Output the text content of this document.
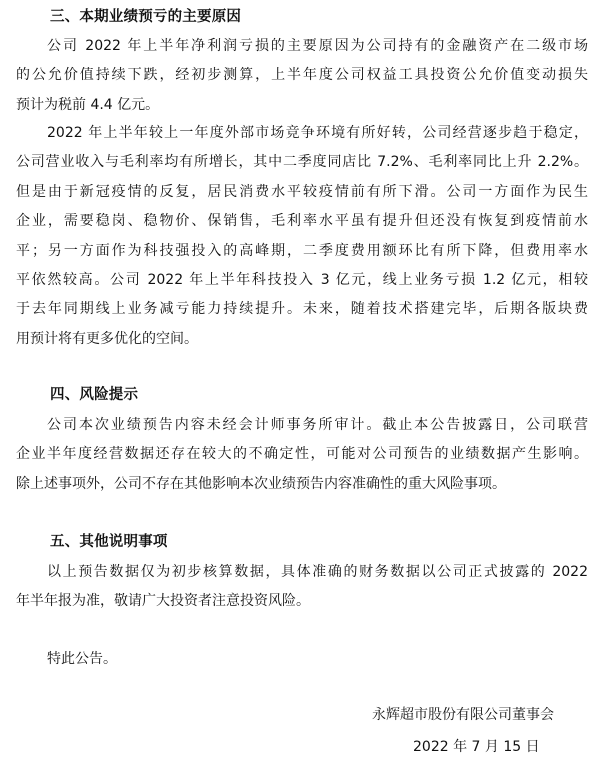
三、本期业绩预亏的主要原因
公司 2022 年上半年净利润亏损的主要原因为公司持有的金融资产在二级市场
的公允价值持续下跌，经初步测算，上半年度公司权益工具投资公允价值变动损失
预计为税前 4.4 亿元。
2022 年上半年较上一年度外部市场竞争环境有所好转，公司经营逐步趋于稳定，
公司营业收入与毛利率均有所增长，其中二季度同店比 7.2%、毛利率同比上升 2.2%。
但是由于新冠疫情的反复，居民消费水平较疫情前有所下滑。公司一方面作为民生
企业，需要稳岗、稳物价、保销售，毛利率水平虽有提升但还没有恢复到疫情前水
平；另一方面作为科技强投入的高峰期，二季度费用额环比有所下降，但费用率水
平依然较高。公司 2022 年上半年科技投入 3 亿元，线上业务亏损 1.2 亿元，相较
于去年同期线上业务减亏能力持续提升。未来，随着技术搭建完毕，后期各版块费
用预计将有更多优化的空间。
四、风险提示
公司本次业绩预告内容未经会计师事务所审计。截止本公告披露日，公司联营
企业半年度经营数据还存在较大的不确定性，可能对公司预告的业绩数据产生影响。
除上述事项外，公司不存在其他影响本次业绩预告内容准确性的重大风险事项。
五、其他说明事项
以上预告数据仅为初步核算数据，具体准确的财务数据以公司正式披露的 2022
年半年报为准，敬请广大投资者注意投资风险。
特此公告。
永辉超市股份有限公司董事会
2022 年 7 月 15 日
